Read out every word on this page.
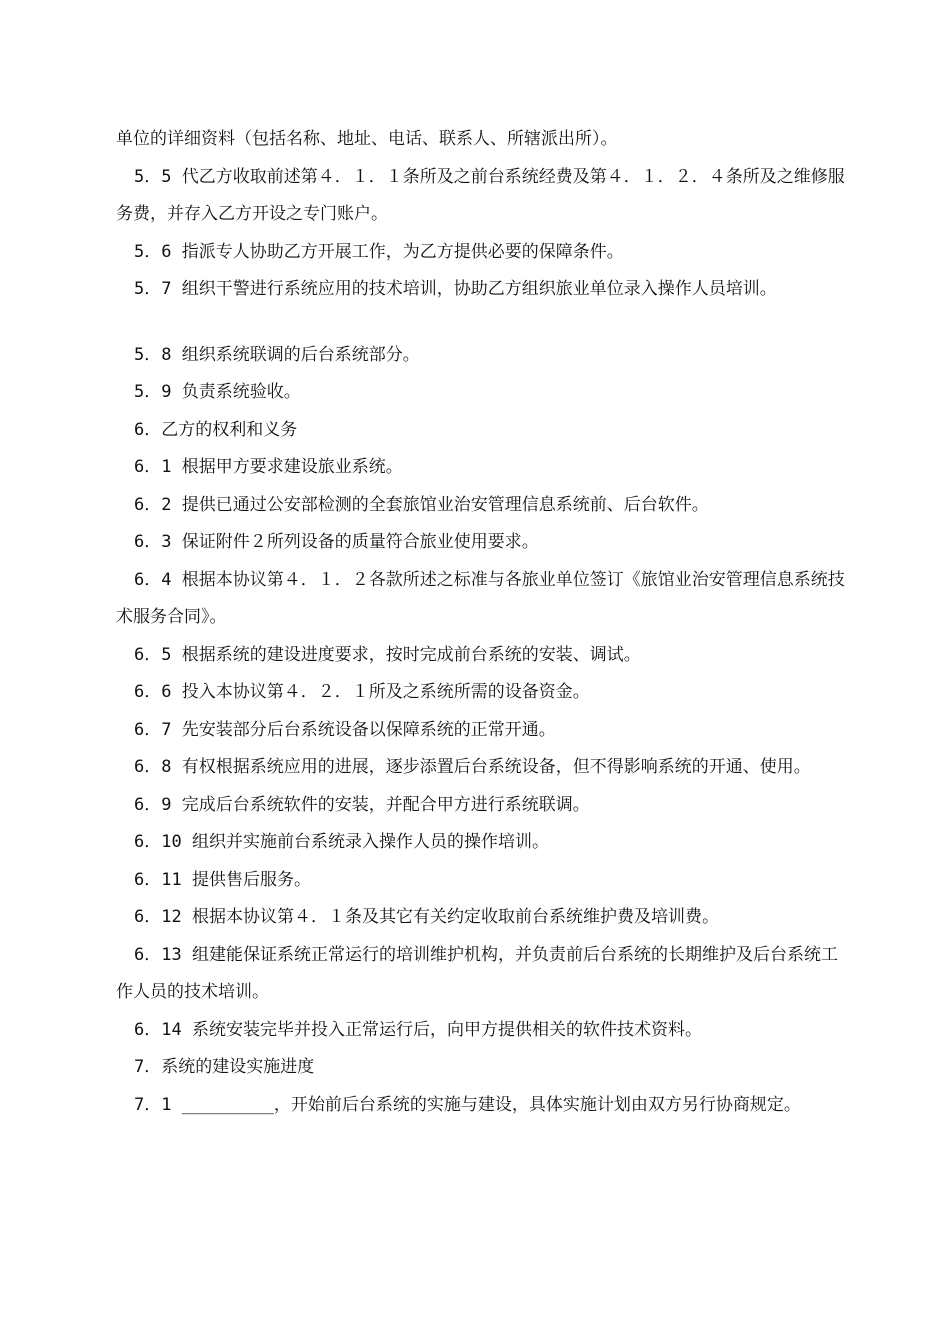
单位的详细资料（包括名称、地址、电话、联系人、所辖派出所）。

5．5 代乙方收取前述第４．１．１条所及之前台系统经费及第４．１．２．４条所及之维修服务费，并存入乙方开设之专门账户。

5．6 指派专人协助乙方开展工作，为乙方提供必要的保障条件。

5．7 组织干警进行系统应用的技术培训，协助乙方组织旅业单位录入操作人员培训。

5．8 组织系统联调的后台系统部分。

5．9 负责系统验收。

6．乙方的权利和义务

6．1 根据甲方要求建设旅业系统。

6．2 提供已通过公安部检测的全套旅馆业治安管理信息系统前、后台软件。

6．3 保证附件２所列设备的质量符合旅业使用要求。

6．4 根据本协议第４．１．２各款所述之标准与各旅业单位签订《旅馆业治安管理信息系统技术服务合同》。

6．5 根据系统的建设进度要求，按时完成前台系统的安装、调试。

6．6 投入本协议第４．２．１所及之系统所需的设备资金。

6．7 先安装部分后台系统设备以保障系统的正常开通。

6．8 有权根据系统应用的进展，逐步添置后台系统设备，但不得影响系统的开通、使用。

6．9 完成后台系统软件的安装，并配合甲方进行系统联调。

6．10 组织并实施前台系统录入操作人员的操作培训。

6．11 提供售后服务。

6．12 根据本协议第４．１条及其它有关约定收取前台系统维护费及培训费。

6．13 组建能保证系统正常运行的培训维护机构，并负责前后台系统的长期维护及后台系统工作人员的技术培训。

6．14 系统安装完毕并投入正常运行后，向甲方提供相关的软件技术资料。

7．系统的建设实施进度

7．1 _________，开始前后台系统的实施与建设，具体实施计划由双方另行协商规定。
